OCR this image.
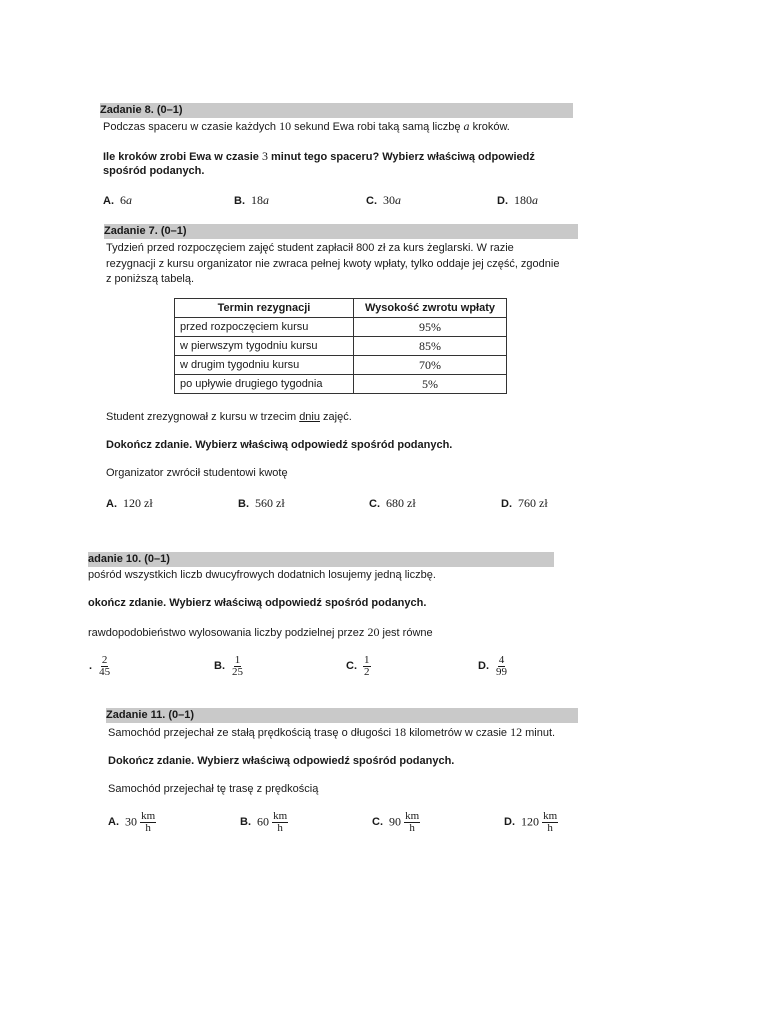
Zadanie 8. (0–1)
Podczas spaceru w czasie każdych 10 sekund Ewa robi taką samą liczbę a kroków.
Ile kroków zrobi Ewa w czasie 3 minut tego spaceru? Wybierz właściwą odpowiedź
spośród podanych.
A. 6a	B. 18a	C. 30a	D. 180a
Zadanie 7. (0–1)
Tydzień przed rozpoczęciem zajęć student zapłacił 800 zł za kurs żeglarski. W razie
rezygnacji z kursu organizator nie zwraca pełnej kwoty wpłaty, tylko oddaje jej część, zgodnie
z poniższą tabelą.
Termin rezygnacji	Wysokość zwrotu wpłaty
przed rozpoczęciem kursu	95%
w pierwszym tygodniu kursu	85%
w drugim tygodniu kursu	70%
po upływie drugiego tygodnia	5%
Student zrezygnował z kursu w trzecim dniu zajęć.
Dokończ zdanie. Wybierz właściwą odpowiedź spośród podanych.
Organizator zwrócił studentowi kwotę
A. 120 zł	B. 560 zł	C. 680 zł	D. 760 zł
adanie 10. (0–1)
pośród wszystkich liczb dwucyfrowych dodatnich losujemy jedną liczbę.
okończ zdanie. Wybierz właściwą odpowiedź spośród podanych.
rawdopodobieństwo wylosowania liczby podzielnej przez 20 jest równe
. $\frac{2}{45}$	B. $\frac{1}{25}$	C. $\frac{1}{2}$	D. $\frac{4}{99}$
Zadanie 11. (0–1)
Samochód przejechał ze stałą prędkością trasę o długości 18 kilometrów w czasie 12 minut.
Dokończ zdanie. Wybierz właściwą odpowiedź spośród podanych.
Samochód przejechał tę trasę z prędkością
A. $30 \frac{km}{h}$	B. $60 \frac{km}{h}$	C. $90 \frac{km}{h}$	D. $120 \frac{km}{h}$
